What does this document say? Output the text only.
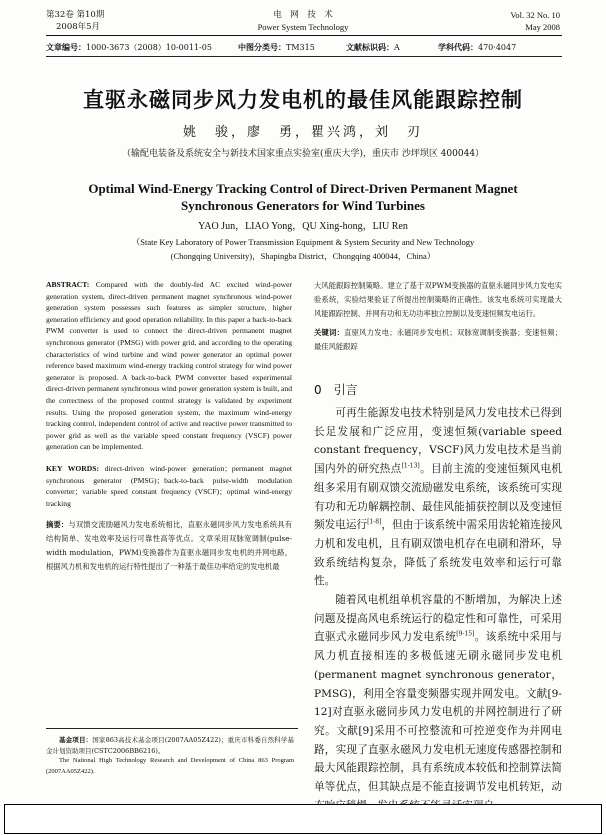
第32卷 第10期
2008年5月
电　网　技　术
Power System Technology
Vol. 32 No. 10
May 2008
文章编号：1000-3673（2008）10-0011-05	中图分类号：TM315	文献标识码：A	学科代码：470·4047
直驱永磁同步风力发电机的最佳风能跟踪控制
姚　骏，廖　勇，瞿兴鸿，刘　刃
（输配电装备及系统安全与新技术国家重点实验室(重庆大学)，重庆市 沙坪坝区 400044）
Optimal Wind-Energy Tracking Control of Direct-Driven Permanent Magnet
Synchronous Generators for Wind Turbines
YAO Jun，LIAO Yong，QU Xing-hong，LIU Ren
（State Key Laboratory of Power Transmission Equipment & System Security and New Technology
(Chongqing University)，Shapingba District，Chongqing 400044，China）

ABSTRACT: Compared with the doubly-fed AC excited wind-power generation system, direct-driven permanent magnet synchronous wind-power generation system possesses such features as simpler structure, higher generation efficiency and good operation reliability. In this paper a back-to-back PWM converter is used to connect the direct-driven permanent magnet synchronous generator (PMSG) with power grid, and according to the operating characteristics of wind turbine and wind power generator an optimal power reference based maximum wind-energy tracking control strategy for wind power generator is proposed. A back-to-back PWM converter based experimental direct-driven permanent synchronous wind power generation system is built, and the correctness of the proposed control strategy is validated by experiment results. Using the proposed generation system, the maximum wind-energy tracking control, independent control of active and reactive power transmitted to power grid as well as the variable speed constant frequency (VSCF) power generation can be implemented.

KEY WORDS: direct-driven wind-power generation；permanent magnet synchronous generator (PMSG)；back-to-back pulse-width modulation converter；variable speed constant frequency (VSCF)；optimal wind-energy tracking

摘要：与双馈交流励磁风力发电系统相比，直驱永磁同步风力发电系统具有结构简单、发电效率及运行可靠性高等优点。文章采用双脉宽调制(pulse-width modulation，PWM)变换器作为直驱永磁同步发电机的并网电路，根据风力机和发电机的运行特性提出了一种基于最佳功率给定的发电机最

基金项目：国家863高技术基金项目(2007AA05Z422)；重庆市科委自然科学基金计划资助项目(CSTC2006BB6216)。

The National High Technology Research and Development of China 863 Program (2007AA05Z422).

大风能跟踪控制策略。建立了基于双PWM变换器的直驱永磁同步风力发电实验系统，实验结果验证了所提出控制策略的正确性。该发电系统可实现最大风能跟踪控制、并网有功和无功功率独立控制以及变速恒频发电运行。

关键词：直驱风力发电；永磁同步发电机；双脉宽调制变换器；变速恒频；最佳风能跟踪

0　引言

可再生能源发电技术特别是风力发电技术已得到长足发展和广泛应用，变速恒频(variable speed constant frequency，VSCF)风力发电技术是当前国内外的研究热点[1-13]。目前主流的变速恒频风电机组多采用有刷双馈交流励磁发电系统，该系统可实现有功和无功解耦控制、最佳风能捕获控制以及变速恒频发电运行[1-8]，但由于该系统中需采用齿轮箱连接风力机和发电机，且有刷双馈电机存在电刷和滑环，导致系统结构复杂，降低了系统发电效率和运行可靠性。

随着风电机组单机容量的不断增加，为解决上述问题及提高风电系统运行的稳定性和可靠性，可采用直驱式永磁同步风力发电系统[9-15]。该系统中采用与风力机直接相连的多极低速无刷永磁同步发电机(permanent magnet synchronous generator，PMSG)，利用全容量变频器实现并网发电。文献[9-12]对直驱永磁同步风力发电机的并网控制进行了研究。文献[9]采用不可控整流和可控逆变作为并网电路，实现了直驱永磁风力发电机无速度传感器控制和最大风能跟踪控制，具有系统成本较低和控制算法简单等优点，但其缺点是不能直接调节发电机转矩，动
